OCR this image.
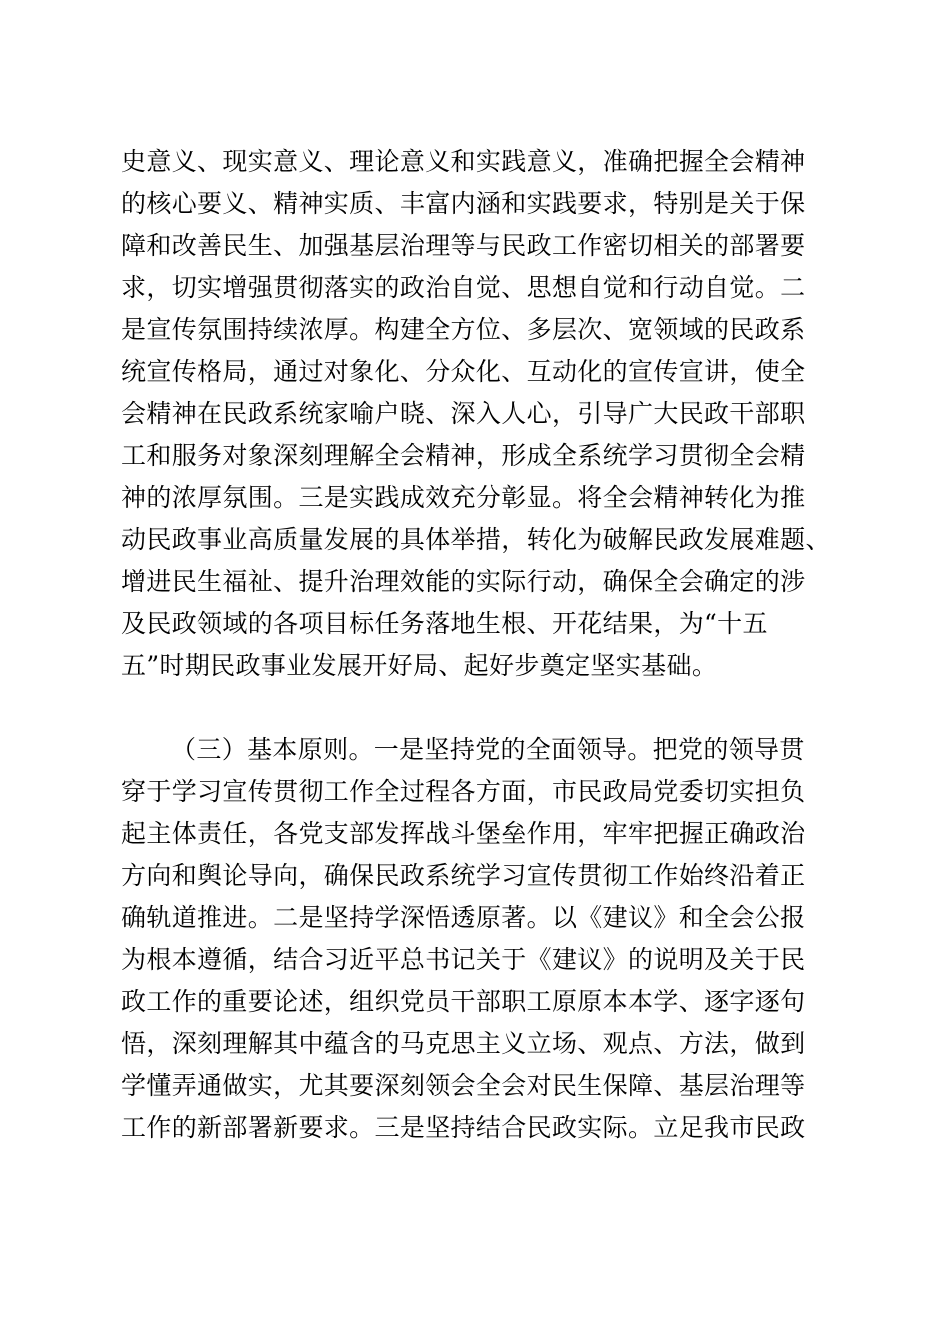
史意义、现实意义、理论意义和实践意义，准确把握全会精神
的核心要义、精神实质、丰富内涵和实践要求，特别是关于保
障和改善民生、加强基层治理等与民政工作密切相关的部署要
求，切实增强贯彻落实的政治自觉、思想自觉和行动自觉。二
是宣传氛围持续浓厚。构建全方位、多层次、宽领域的民政系
统宣传格局，通过对象化、分众化、互动化的宣传宣讲，使全
会精神在民政系统家喻户晓、深入人心，引导广大民政干部职
工和服务对象深刻理解全会精神，形成全系统学习贯彻全会精
神的浓厚氛围。三是实践成效充分彰显。将全会精神转化为推
动民政事业高质量发展的具体举措，转化为破解民政发展难题、
增进民生福祉、提升治理效能的实际行动，确保全会确定的涉
及民政领域的各项目标任务落地生根、开花结果，为“十五
五”时期民政事业发展开好局、起好步奠定坚实基础。
（三）基本原则。一是坚持党的全面领导。把党的领导贯
穿于学习宣传贯彻工作全过程各方面，市民政局党委切实担负
起主体责任，各党支部发挥战斗堡垒作用，牢牢把握正确政治
方向和舆论导向，确保民政系统学习宣传贯彻工作始终沿着正
确轨道推进。二是坚持学深悟透原著。以《建议》和全会公报
为根本遵循，结合习近平总书记关于《建议》的说明及关于民
政工作的重要论述，组织党员干部职工原原本本学、逐字逐句
悟，深刻理解其中蕴含的马克思主义立场、观点、方法，做到
学懂弄通做实，尤其要深刻领会全会对民生保障、基层治理等
工作的新部署新要求。三是坚持结合民政实际。立足我市民政
